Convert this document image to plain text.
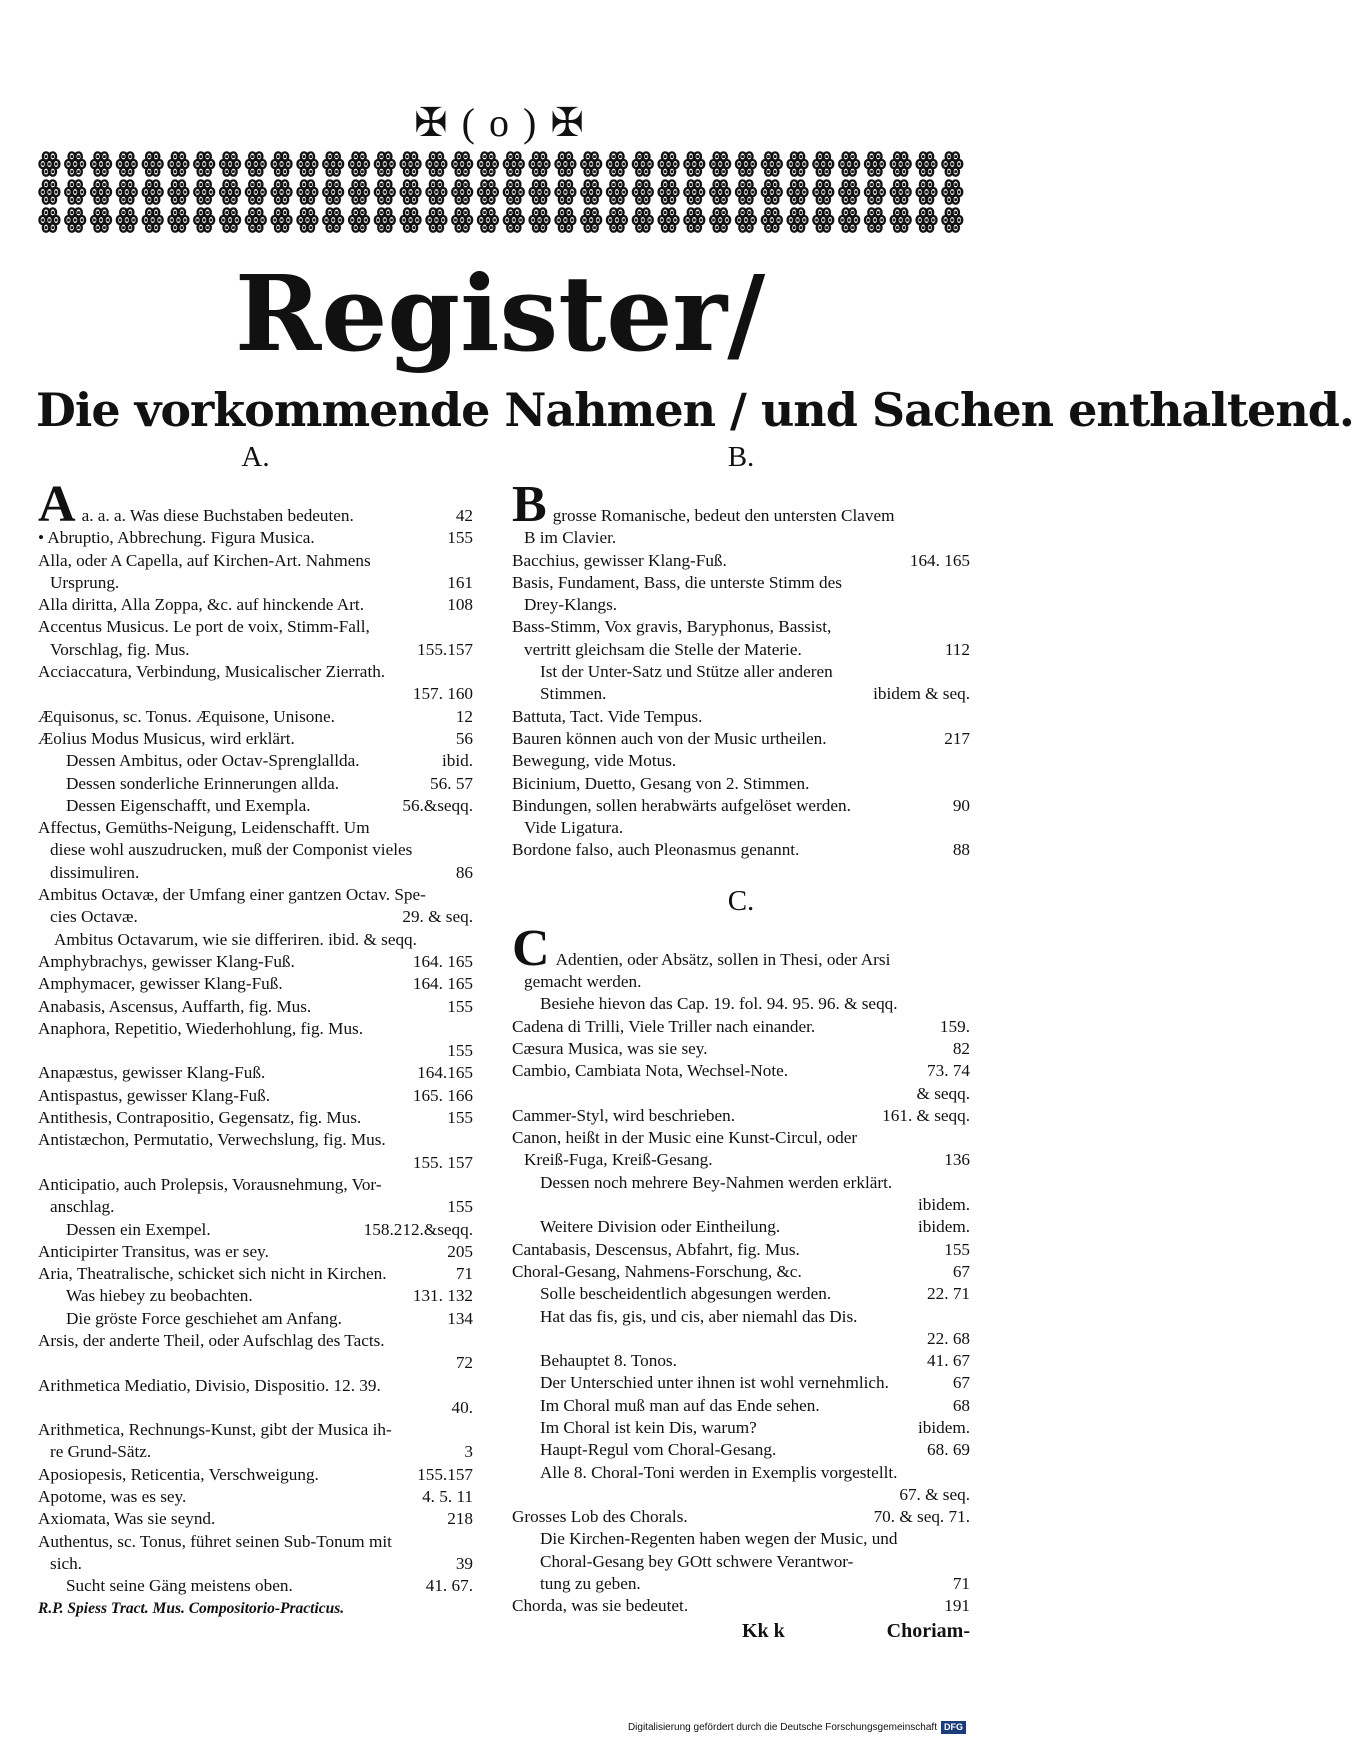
✠ ( o ) ✠
ꙮ ꙮ ꙮ ꙮ ꙮ ꙮ ꙮ ꙮ ꙮ ꙮ ꙮ ꙮ ꙮ ꙮ ꙮ ꙮ ꙮ ꙮ ꙮ ꙮ ꙮ ꙮ ꙮ ꙮ ꙮ ꙮ ꙮ ꙮ ꙮ ꙮ ꙮ ꙮ ꙮ ꙮ ꙮ ꙮ
ꙮ ꙮ ꙮ ꙮ ꙮ ꙮ ꙮ ꙮ ꙮ ꙮ ꙮ ꙮ ꙮ ꙮ ꙮ ꙮ ꙮ ꙮ ꙮ ꙮ ꙮ ꙮ ꙮ ꙮ ꙮ ꙮ ꙮ ꙮ ꙮ ꙮ ꙮ ꙮ ꙮ ꙮ ꙮ ꙮ
ꙮ ꙮ ꙮ ꙮ ꙮ ꙮ ꙮ ꙮ ꙮ ꙮ ꙮ ꙮ ꙮ ꙮ ꙮ ꙮ ꙮ ꙮ ꙮ ꙮ ꙮ ꙮ ꙮ ꙮ ꙮ ꙮ ꙮ ꙮ ꙮ ꙮ ꙮ ꙮ ꙮ ꙮ ꙮ ꙮ
Register/
Die vorkommende Nahmen / und Sachen enthaltend.
A.
A a. a. a. Was diese Buchstaben bedeuten.	42
• Abruptio, Abbrechung. Figura Musica.	155
Alla, oder A Capella, auf Kirchen-Art. Nahmens
Ursprung.	161
Alla diritta, Alla Zoppa, &c. auf hinckende Art.	108
Accentus Musicus. Le port de voix, Stimm-Fall,
Vorschlag, fig. Mus.	155.157
Acciaccatura, Verbindung, Musicalischer Zierrath.
157. 160
Æquisonus, sc. Tonus. Æquisone, Unisone.	12
Æolius Modus Musicus, wird erklärt.	56
Dessen Ambitus, oder Octav-Sprenglallda.	ibid.
Dessen sonderliche Erinnerungen allda.	56. 57
Dessen Eigenschafft, und Exempla.	56.&seqq.
Affectus, Gemüths-Neigung, Leidenschafft. Um
diese wohl auszudrucken, muß der Componist vieles
dissimuliren.	86
Ambitus Octavæ, der Umfang einer gantzen Octav. Spe-
cies Octavæ.	29. & seq.
Ambitus Octavarum, wie sie differiren. ibid. & seqq.
Amphybrachys, gewisser Klang-Fuß.	164. 165
Amphymacer, gewisser Klang-Fuß.	164. 165
Anabasis, Ascensus, Auffarth, fig. Mus.	155
Anaphora, Repetitio, Wiederhohlung, fig. Mus.
155
Anapæstus, gewisser Klang-Fuß.	164.165
Antispastus, gewisser Klang-Fuß.	165. 166
Antithesis, Contrapositio, Gegensatz, fig. Mus.	155
Antistæchon, Permutatio, Verwechslung, fig. Mus.
155. 157
Anticipatio, auch Prolepsis, Vorausnehmung, Vor-
anschlag.	155
Dessen ein Exempel.	158.212.&seqq.
Anticipirter Transitus, was er sey.	205
Aria, Theatralische, schicket sich nicht in Kirchen.	71
Was hiebey zu beobachten.	131. 132
Die gröste Force geschiehet am Anfang.	134
Arsis, der anderte Theil, oder Aufschlag des Tacts.
72
Arithmetica Mediatio, Divisio, Dispositio. 12. 39.
40.
Arithmetica, Rechnungs-Kunst, gibt der Musica ih-
re Grund-Sätz.	3
Aposiopesis, Reticentia, Verschweigung.	155.157
Apotome, was es sey.	4. 5. 11
Axiomata, Was sie seynd.	218
Authentus, sc. Tonus, führet seinen Sub-Tonum mit
sich.	39
Sucht seine Gäng meistens oben.	41. 67.
R.P. Spiess Tract. Mus. Compositorio-Practicus.
B.
B grosse Romanische, bedeut den untersten Clavem
B im Clavier.
Bacchius, gewisser Klang-Fuß.	164. 165
Basis, Fundament, Bass, die unterste Stimm des
Drey-Klangs.
Bass-Stimm, Vox gravis, Baryphonus, Bassist,
vertritt gleichsam die Stelle der Materie.	112
Ist der Unter-Satz und Stütze aller anderen
Stimmen.	ibidem & seq.
Battuta, Tact. Vide Tempus.
Bauren können auch von der Music urtheilen.	217
Bewegung, vide Motus.
Bicinium, Duetto, Gesang von 2. Stimmen.
Bindungen, sollen herabwärts aufgelöset werden.	90
Vide Ligatura.
Bordone falso, auch Pleonasmus genannt.	88
C.
C Adentien, oder Absätz, sollen in Thesi, oder Arsi
gemacht werden.
Besiehe hievon das Cap. 19. fol. 94. 95. 96. & seqq.
Cadena di Trilli, Viele Triller nach einander.	159.
Cæsura Musica, was sie sey.	82
Cambio, Cambiata Nota, Wechsel-Note.	73. 74
& seqq.
Cammer-Styl, wird beschrieben.	161. & seqq.
Canon, heißt in der Music eine Kunst-Circul, oder
Kreiß-Fuga, Kreiß-Gesang.	136
Dessen noch mehrere Bey-Nahmen werden erklärt.
ibidem.
Weitere Division oder Eintheilung.	ibidem.
Cantabasis, Descensus, Abfahrt, fig. Mus.	155
Choral-Gesang, Nahmens-Forschung, &c.	67
Solle bescheidentlich abgesungen werden.	22. 71
Hat das fis, gis, und cis, aber niemahl das Dis.
22. 68
Behauptet 8. Tonos.	41. 67
Der Unterschied unter ihnen ist wohl vernehmlich.	67
Im Choral muß man auf das Ende sehen.	68
Im Choral ist kein Dis, warum?	ibidem.
Haupt-Regul vom Choral-Gesang.	68. 69
Alle 8. Choral-Toni werden in Exemplis vorgestellt.
67. & seq.
Grosses Lob des Chorals.	70. & seq. 71.
Die Kirchen-Regenten haben wegen der Music, und
Choral-Gesang bey GOtt schwere Verantwor-
tung zu geben.	71
Chorda, was sie bedeutet.	191
Kk k	Choriam-
Digitalisierung gefördert durch die Deutsche Forschungsgemeinschaft DFG
